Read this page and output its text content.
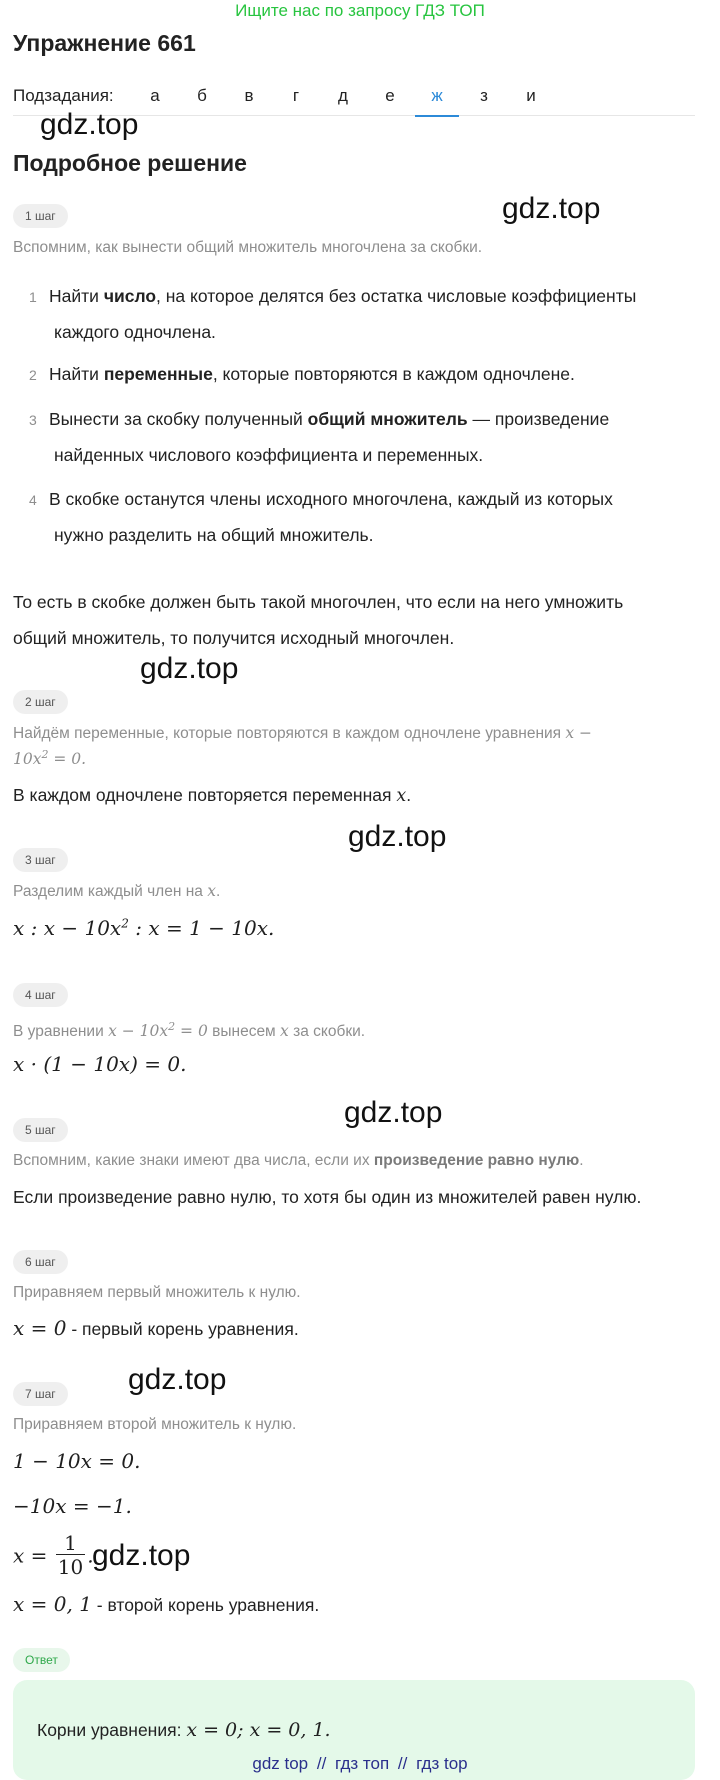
Ищите нас по запросу ГДЗ ТОП
Упражнение 661
Подзадания:	а	б	в	г	д	е	ж	з	и
gdz.top
gdz.top
gdz.top
gdz.top
gdz.top
gdz.top
gdz.top
Подробное решение
1 шаг
Вспомним, как вынести общий множитель многочлена за скобки.
1 Найти число, на которое делятся без остатка числовые коэффициенты
каждого одночлена.
2 Найти переменные, которые повторяются в каждом одночлене.
3 Вынести за скобку полученный общий множитель — произведение
найденных числового коэффициента и переменных.
4 В скобке останутся члены исходного многочлена, каждый из которых
нужно разделить на общий множитель.
То есть в скобке должен быть такой многочлен, что если на него умножить
общий множитель, то получится исходный многочлен.
2 шаг
Найдём переменные, которые повторяются в каждом одночлене уравнения x −
$10x^2 = 0$.
В каждом одночлене повторяется переменная x.
3 шаг
Разделим каждый член на x.
x : $x - 10x^2$ : x = 1 − 10x.
4 шаг
В уравнении $x - 10x^2 = 0$ вынесем x за скобки.
x · (1 − 10x) = 0.
5 шаг
Вспомним, какие знаки имеют два числа, если их произведение равно нулю.
Если произведение равно нулю, то хотя бы один из множителей равен нулю.
6 шаг
Приравняем первый множитель к нулю.
x = 0 - первый корень уравнения.
7 шаг
Приравняем второй множитель к нулю.
1 − 10x = 0.
−10x = −1.
$x = \frac{1}{10}$ .
x = 0, 1 - второй корень уравнения.
Ответ
Корни уравнения: x = 0; x = 0, 1.
gdz top // гдз топ // гдз top
